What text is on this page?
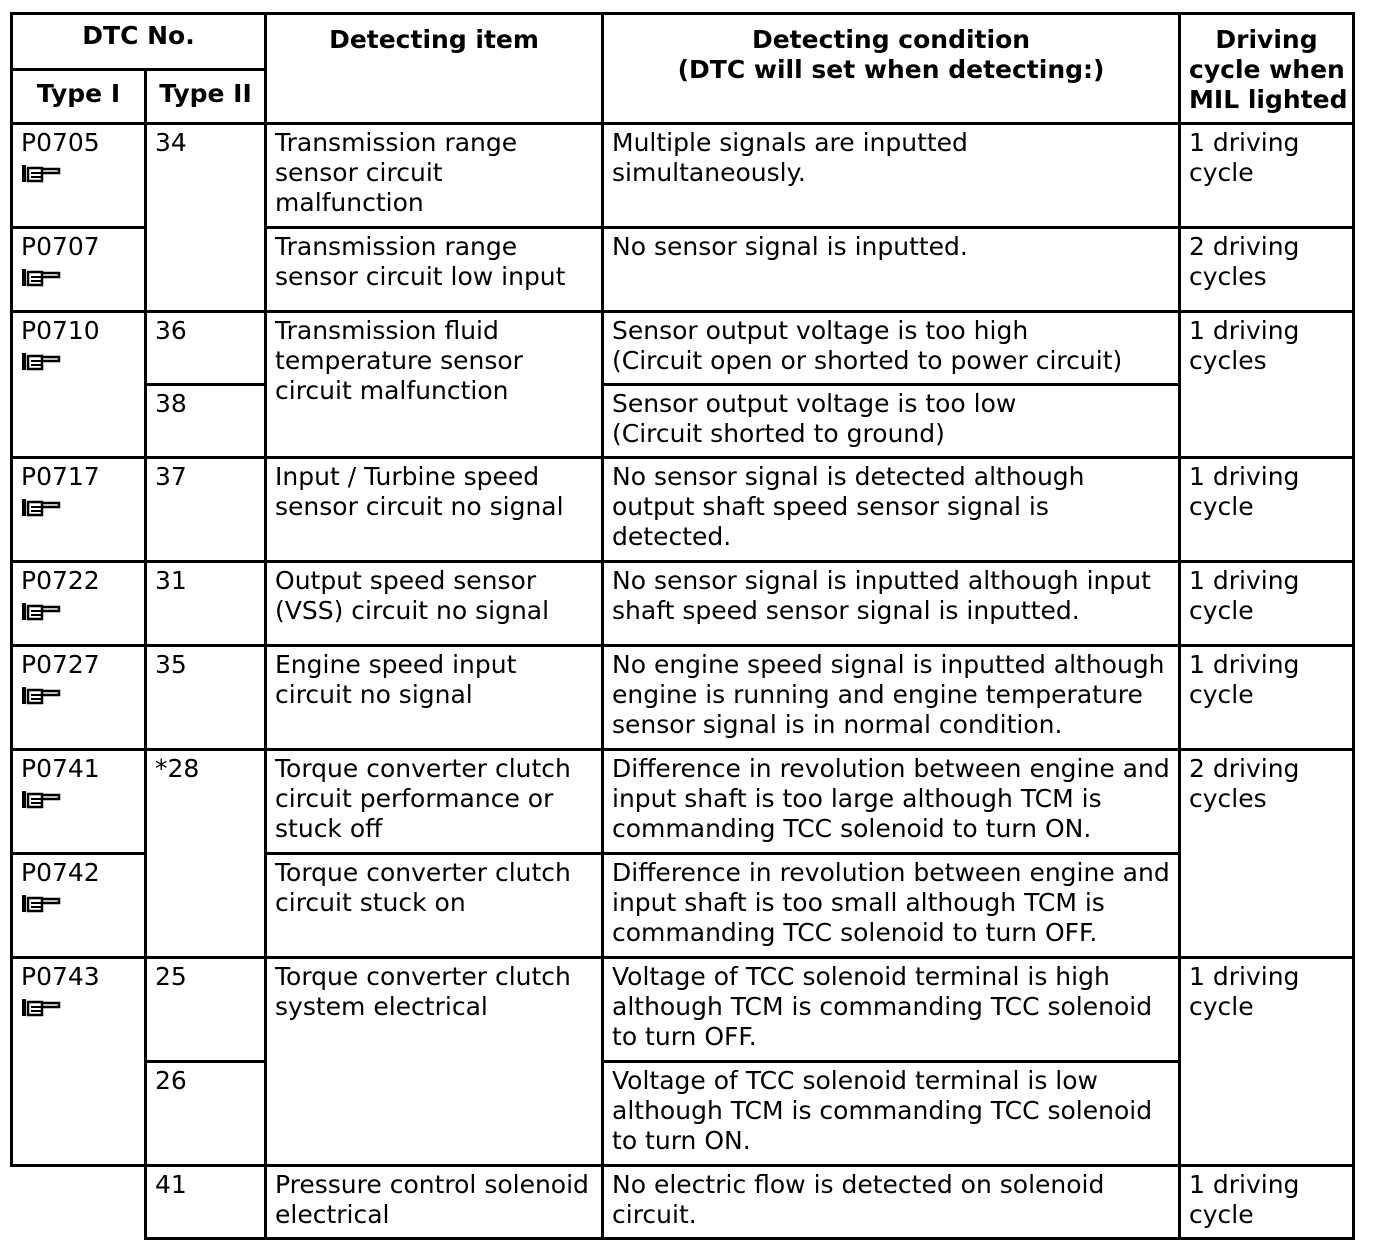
DTC No.		Detecting item	Detecting condition
(DTC will set when detecting:)	Driving
cycle when
MIL lighted

Type I	Type II			

P0705	34	Transmission range
sensor circuit
malfunction	Multiple signals are inputted
simultaneously.	1 driving
cycle

P0707		Transmission range
sensor circuit low input	No sensor signal is inputted.	2 driving
cycles

P0710	36	Transmission fluid
temperature sensor
circuit malfunction	Sensor output voltage is too high
(Circuit open or shorted to power circuit)	1 driving
cycles

	38		Sensor output voltage is too low
(Circuit shorted to ground)	

P0717	37	Input / Turbine speed
sensor circuit no signal	No sensor signal is detected although
output shaft speed sensor signal is
detected.	1 driving
cycle

P0722	31	Output speed sensor
(VSS) circuit no signal	No sensor signal is inputted although input
shaft speed sensor signal is inputted.	1 driving
cycle

P0727	35	Engine speed input
circuit no signal	No engine speed signal is inputted although
engine is running and engine temperature
sensor signal is in normal condition.	1 driving
cycle

P0741	*28	Torque converter clutch
circuit performance or
stuck off	Difference in revolution between engine and
input shaft is too large although TCM is
commanding TCC solenoid to turn ON.	2 driving
cycles

P0742		Torque converter clutch
circuit stuck on	Difference in revolution between engine and
input shaft is too small although TCM is
commanding TCC solenoid to turn OFF.	

P0743	25	Torque converter clutch
system electrical	Voltage of TCC solenoid terminal is high
although TCM is commanding TCC solenoid
to turn OFF.	1 driving
cycle

	26		Voltage of TCC solenoid terminal is low
although TCM is commanding TCC solenoid
to turn ON.	

	41	Pressure control solenoid
electrical	No electric flow is detected on solenoid
circuit.	1 driving
cycle
